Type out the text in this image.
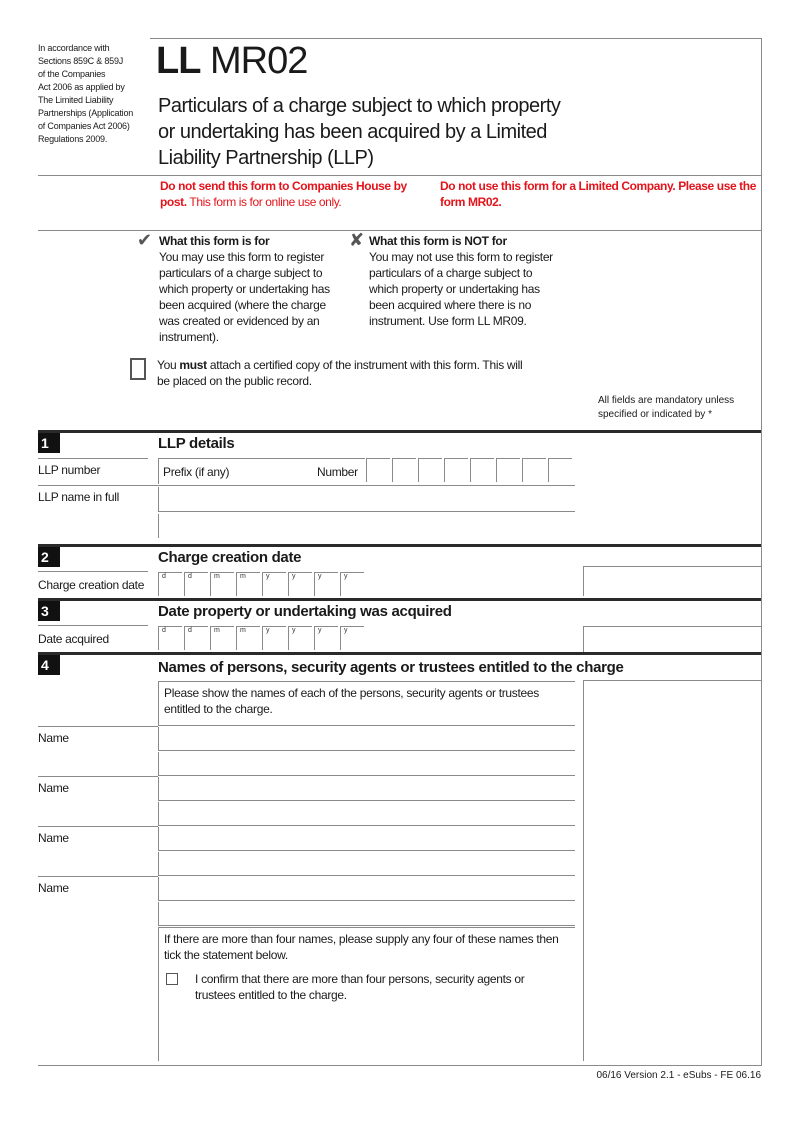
In accordance with
Sections 859C & 859J
of the Companies
Act 2006 as applied by
The Limited Liability
Partnerships (Application
of Companies Act 2006)
Regulations 2009.
LL MR02
Particulars of a charge subject to which property
or undertaking has been acquired by a Limited
Liability Partnership (LLP)
Do not send this form to Companies House by post. This form is for online use only.
Do not use this form for a Limited Company. Please use the form MR02.
✔ What this form is for
You may use this form to register particulars of a charge subject to which property or undertaking has been acquired (where the charge was created or evidenced by an instrument).
✘ What this form is NOT for
You may not use this form to register particulars of a charge subject to which property or undertaking has been acquired where there is no instrument. Use form LL MR09.
You must attach a certified copy of the instrument with this form. This will be placed on the public record.
All fields are mandatory unless specified or indicated by *
1	LLP details
LLP number	Prefix (if any)	Number
LLP name in full
2	Charge creation date
Charge creation date
d	d	m	m	y	y	y	y
3	Date property or undertaking was acquired
Date acquired
d	d	m	m	y	y	y	y
4	Names of persons, security agents or trustees entitled to the charge
Please show the names of each of the persons, security agents or trustees entitled to the charge.
Name
Name
Name
Name
If there are more than four names, please supply any four of these names then tick the statement below.
I confirm that there are more than four persons, security agents or trustees entitled to the charge.
06/16 Version 2.1 - eSubs - FE 06.16
